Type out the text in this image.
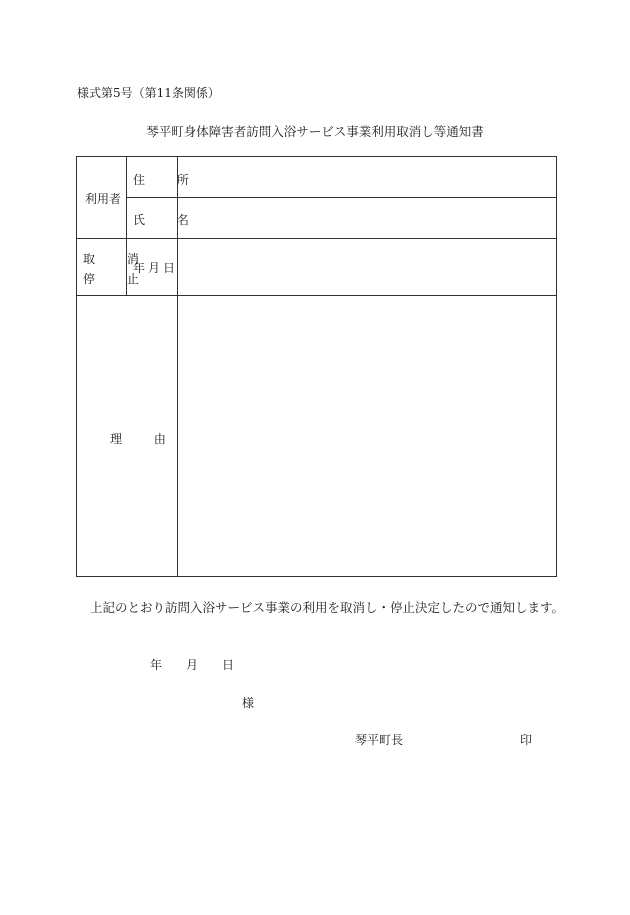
様式第5号（第11条関係）
琴平町身体障害者訪問入浴サービス事業利用取消し等通知書
利用者
住 所
氏 名
取 消
停 止
年月日
理 由
上記のとおり訪問入浴サービス事業の利用を取消し・停止決定したので通知します。
年 月 日
様
琴平町長	印
